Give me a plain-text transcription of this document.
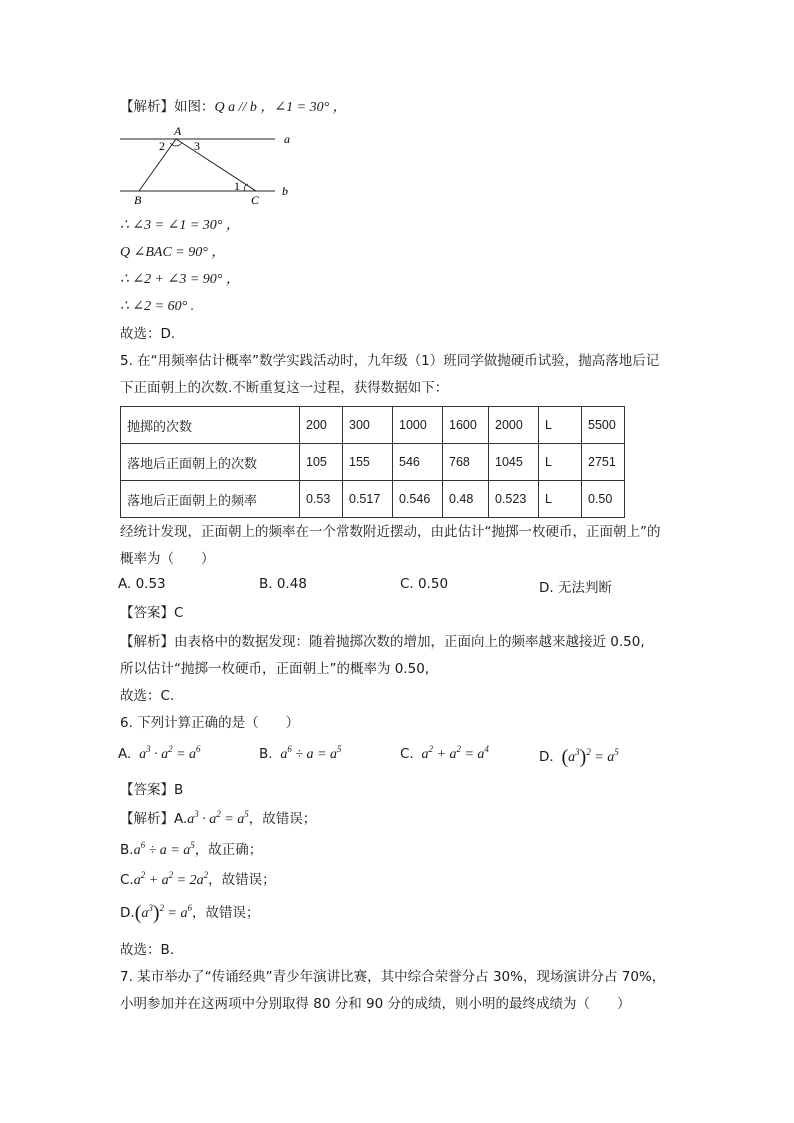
【解析】如图：Q a // b ，∠1 = 30° ，
A
2 3	a
b
1
B	C
∴ ∠3 = ∠1 = 30° ，
Q ∠BAC = 90° ，
∴ ∠2 + ∠3 = 90° ，
∴ ∠2 = 60° .
故选：D.
5. 在“用频率估计概率”数学实践活动时，九年级（1）班同学做抛硬币试验，抛高落地后记
下正面朝上的次数.不断重复这一过程，获得数据如下：
抛掷的次数	200	300	1000	1600	2000	L	5500
落地后正面朝上的次数	105	155	546	768	1045	L	2751
落地后正面朝上的频率	0.53	0.517	0.546	0.48	0.523	L	0.50
经统计发现，正面朝上的频率在一个常数附近摆动，由此估计“抛掷一枚硬币，正面朝上”的
概率为（　　）
A. 0.53	B. 0.48	C. 0.50	D. 无法判断
【答案】C
【解析】由表格中的数据发现：随着抛掷次数的增加，正面向上的频率越来越接近 0.50,
所以估计“抛掷一枚硬币，正面朝上”的概率为 0.50,
故选：C.
6. 下列计算正确的是（　　）
A.  $a^3 \cdot a^2 = a^6$	B.  $a^6 \div a = a^5$	C.  $a^2 + a^2 = a^4$	D. $(a^3)^2 = a^5$
【答案】B
【解析】$A.a^3 \cdot a^2 = a^5$，故错误；
$B.a^6 \div a = a^5$，故正确；
$C.a^2 + a^2 = 2a^2$，故错误；
$D.(a^3)^2 = a^6$，故错误；
故选：B.
7. 某市举办了“传诵经典”青少年演讲比赛，其中综合荣誉分占 30%，现场演讲分占 70%，
小明参加并在这两项中分别取得 80 分和 90 分的成绩，则小明的最终成绩为（　　）
